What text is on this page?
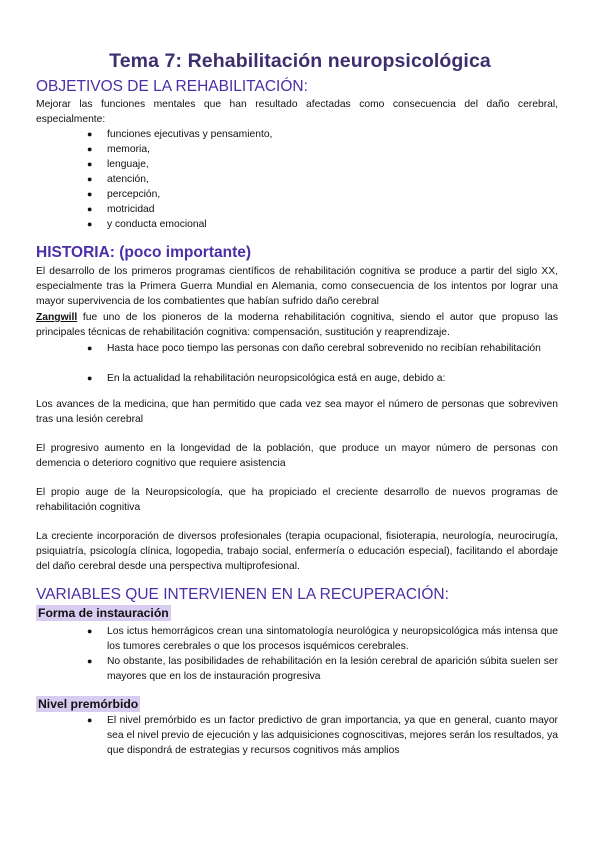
Tema 7: Rehabilitación neuropsicológica
OBJETIVOS DE LA REHABILITACIÓN:
Mejorar las funciones mentales que han resultado afectadas como consecuencia del daño cerebral, especialmente:
● funciones ejecutivas y pensamiento,
● memoria,
● lenguaje,
● atención,
● percepción,
● motricidad
● y conducta emocional
HISTORIA: (poco importante)
El desarrollo de los primeros programas científicos de rehabilitación cognitiva se produce a partir del siglo XX, especialmente tras la Primera Guerra Mundial en Alemania, como consecuencia de los intentos por lograr una mayor supervivencia de los combatientes que habían sufrido daño cerebral
Zangwill fue uno de los pioneros de la moderna rehabilitación cognitiva, siendo el autor que propuso las principales técnicas de rehabilitación cognitiva: compensación, sustitución y reaprendizaje.
● Hasta hace poco tiempo las personas con daño cerebral sobrevenido no recibían rehabilitación
● En la actualidad la rehabilitación neuropsicológica está en auge, debido a:
Los avances de la medicina, que han permitido que cada vez sea mayor el número de personas que sobreviven tras una lesión cerebral
El progresivo aumento en la longevidad de la población, que produce un mayor número de personas con demencia o deterioro cognitivo que requiere asistencia
El propio auge de la Neuropsicología, que ha propiciado el creciente desarrollo de nuevos programas de rehabilitación cognitiva
La creciente incorporación de diversos profesionales (terapia ocupacional, fisioterapia, neurología, neurocirugía, psiquiatría, psicología clínica, logopedia, trabajo social, enfermería o educación especial), facilitando el abordaje del daño cerebral desde una perspectiva multiprofesional.
VARIABLES QUE INTERVIENEN EN LA RECUPERACIÓN:
Forma de instauración
● Los ictus hemorrágicos crean una sintomatología neurológica y neuropsicológica más intensa que los tumores cerebrales o que los procesos isquémicos cerebrales.
● No obstante, las posibilidades de rehabilitación en la lesión cerebral de aparición súbita suelen ser mayores que en los de instauración progresiva
Nivel premórbido
● El nivel premórbido es un factor predictivo de gran importancia, ya que en general, cuanto mayor sea el nivel previo de ejecución y las adquisiciones cognoscitivas, mejores serán los resultados, ya que dispondrá de estrategias y recursos cognitivos más amplios
